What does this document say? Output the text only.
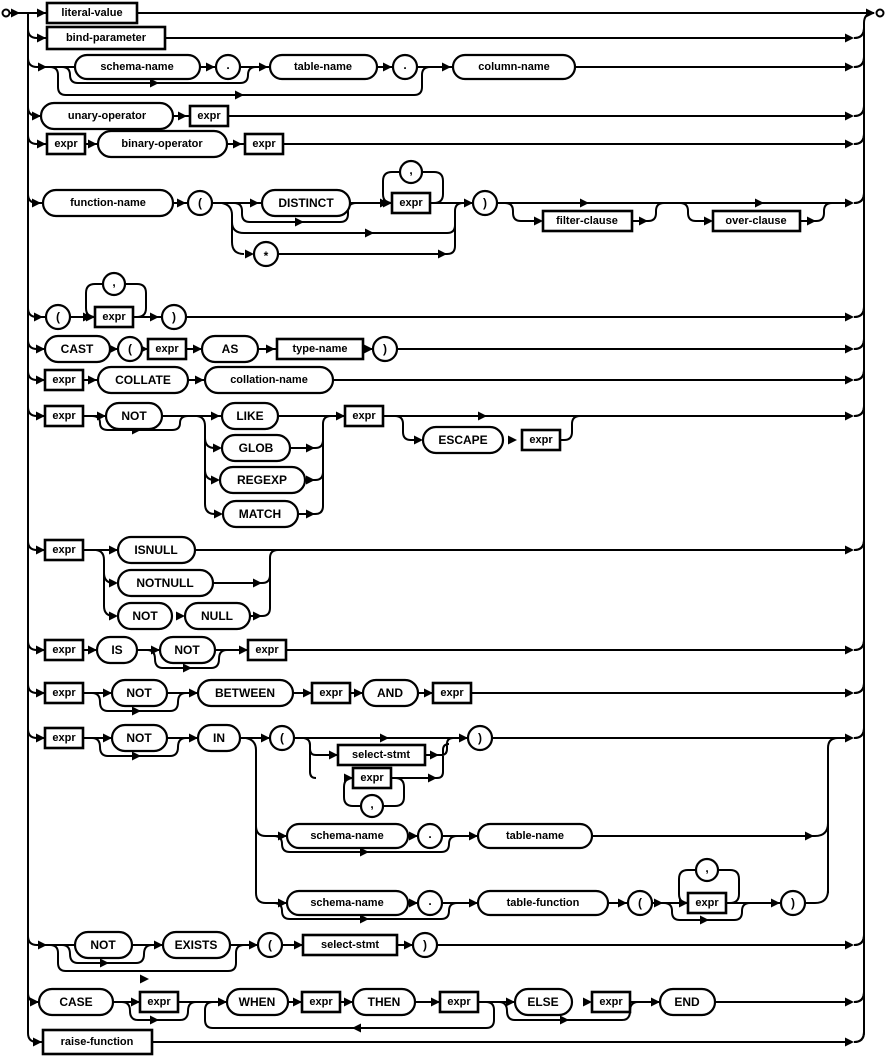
literal-value
bind-parameter
schema-name	.	table-name	.	column-name
unary-operator	expr
expr	binary-operator	expr
function-name	(	DISTINCT	expr
,
*
)
filter-clause	over-clause
(	expr
,
)
CAST	( expr	AS	type-name	)
expr	COLLATE	collation-name
expr	NOT	LIKE
GLOB
REGEXP
MATCH
expr
ESCAPE	expr
expr	ISNULL
NOTNULL
NOT	NULL
expr	IS	NOT	expr
expr	NOT	BETWEEN	expr	AND	expr
expr	NOT	IN	(
select-stmt
expr
,
)
schema-name	.	table-name
schema-name	.	table-function	(	expr
,
)
NOT	EXISTS	(	select-stmt	)
CASE	expr	WHEN	expr	THEN	expr	ELSE	expr	END
raise-function
